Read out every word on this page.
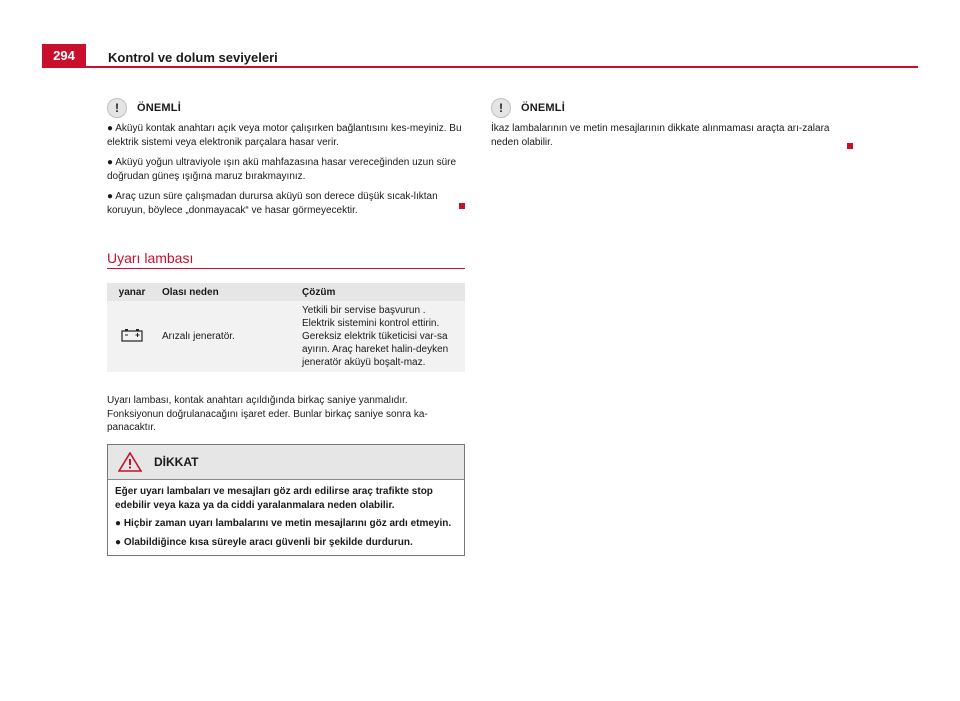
294	Kontrol ve dolum seviyeleri
!	ÖNEMLİ

● Aküyü kontak anahtarı açık veya motor çalışırken bağlantısını kes-meyiniz. Bu elektrik sistemi veya elektronik parçalara hasar verir.

● Aküyü yoğun ultraviyole ışın akü mahfazasına hasar vereceğinden uzun süre doğrudan güneş ışığına maruz bırakmayınız.

● Araç uzun süre çalışmadan durursa aküyü son derece düşük sıcak-lıktan koruyun, böylece „donmayacak“ ve hasar görmeyecektir.

!	ÖNEMLİ

İkaz lambalarının ve metin mesajlarının dikkate alınmaması araçta arı-zalara neden olabilir.

Uyarı lambası
yanar	Olası neden	Çözüm
	Arızalı jeneratör.	Yetkili bir servise başvurun . Elektrik sistemini kontrol ettirin. Gereksiz elektrik tüketicisi var-sa ayırın. Araç hareket halin-deyken jeneratör aküyü boşalt-maz.
Uyarı lambası, kontak anahtarı açıldığında birkaç saniye yanmalıdır. Fonksiyonun doğrulanacağını işaret eder. Bunlar birkaç saniye sonra ka-panacaktır.
DİKKAT

Eğer uyarı lambaları ve mesajları göz ardı edilirse araç trafikte stop edebilir veya kaza ya da ciddi yaralanmalara neden olabilir.

● Hiçbir zaman uyarı lambalarını ve metin mesajlarını göz ardı etmeyin.

● Olabildiğince kısa süreyle aracı güvenli bir şekilde durdurun.
